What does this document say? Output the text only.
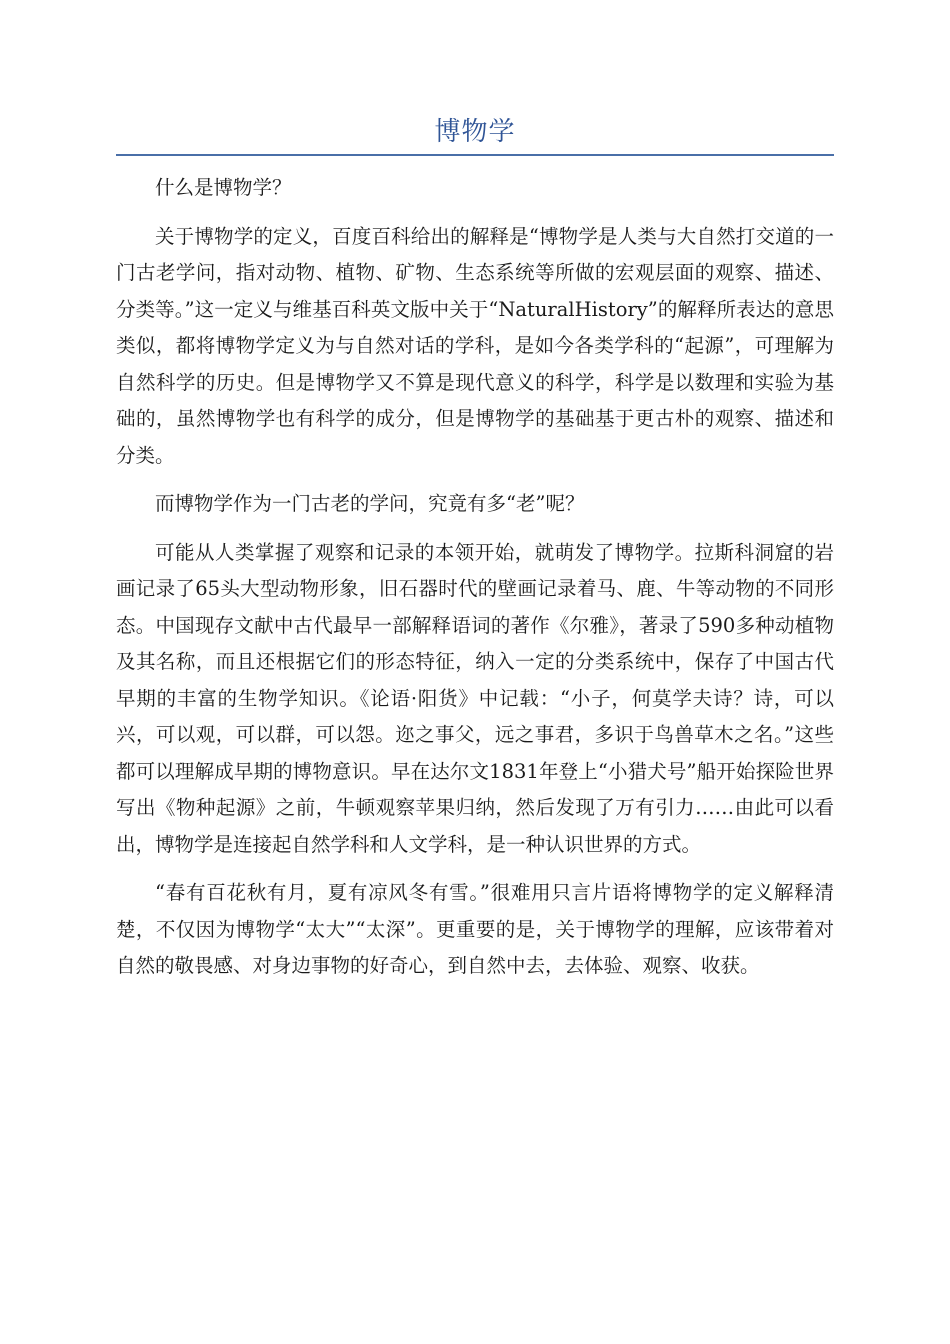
博物学

什么是博物学？

关于博物学的定义，百度百科给出的解释是“博物学是人类与大自然打交道的一门古老学问，指对动物、植物、矿物、生态系统等所做的宏观层面的观察、描述、分类等。”这一定义与维基百科英文版中关于“NaturalHistory”的解释所表达的意思类似，都将博物学定义为与自然对话的学科，是如今各类学科的“起源”，可理解为自然科学的历史。但是博物学又不算是现代意义的科学，科学是以数理和实验为基础的，虽然博物学也有科学的成分，但是博物学的基础基于更古朴的观察、描述和分类。

而博物学作为一门古老的学问，究竟有多“老”呢？

可能从人类掌握了观察和记录的本领开始，就萌发了博物学。拉斯科洞窟的岩画记录了65头大型动物形象，旧石器时代的壁画记录着马、鹿、牛等动物的不同形态。中国现存文献中古代最早一部解释语词的著作《尔雅》，著录了590多种动植物及其名称，而且还根据它们的形态特征，纳入一定的分类系统中，保存了中国古代早期的丰富的生物学知识。《论语·阳货》中记载：“小子，何莫学夫诗？诗，可以兴，可以观，可以群，可以怨。迩之事父，远之事君，多识于鸟兽草木之名。”这些都可以理解成早期的博物意识。早在达尔文1831年登上“小猎犬号”船开始探险世界写出《物种起源》之前，牛顿观察苹果归纳，然后发现了万有引力……由此可以看出，博物学是连接起自然学科和人文学科，是一种认识世界的方式。

“春有百花秋有月，夏有凉风冬有雪。”很难用只言片语将博物学的定义解释清楚，不仅因为博物学“太大”“太深”。更重要的是，关于博物学的理解，应该带着对自然的敬畏感、对身边事物的好奇心，到自然中去，去体验、观察、收获。
